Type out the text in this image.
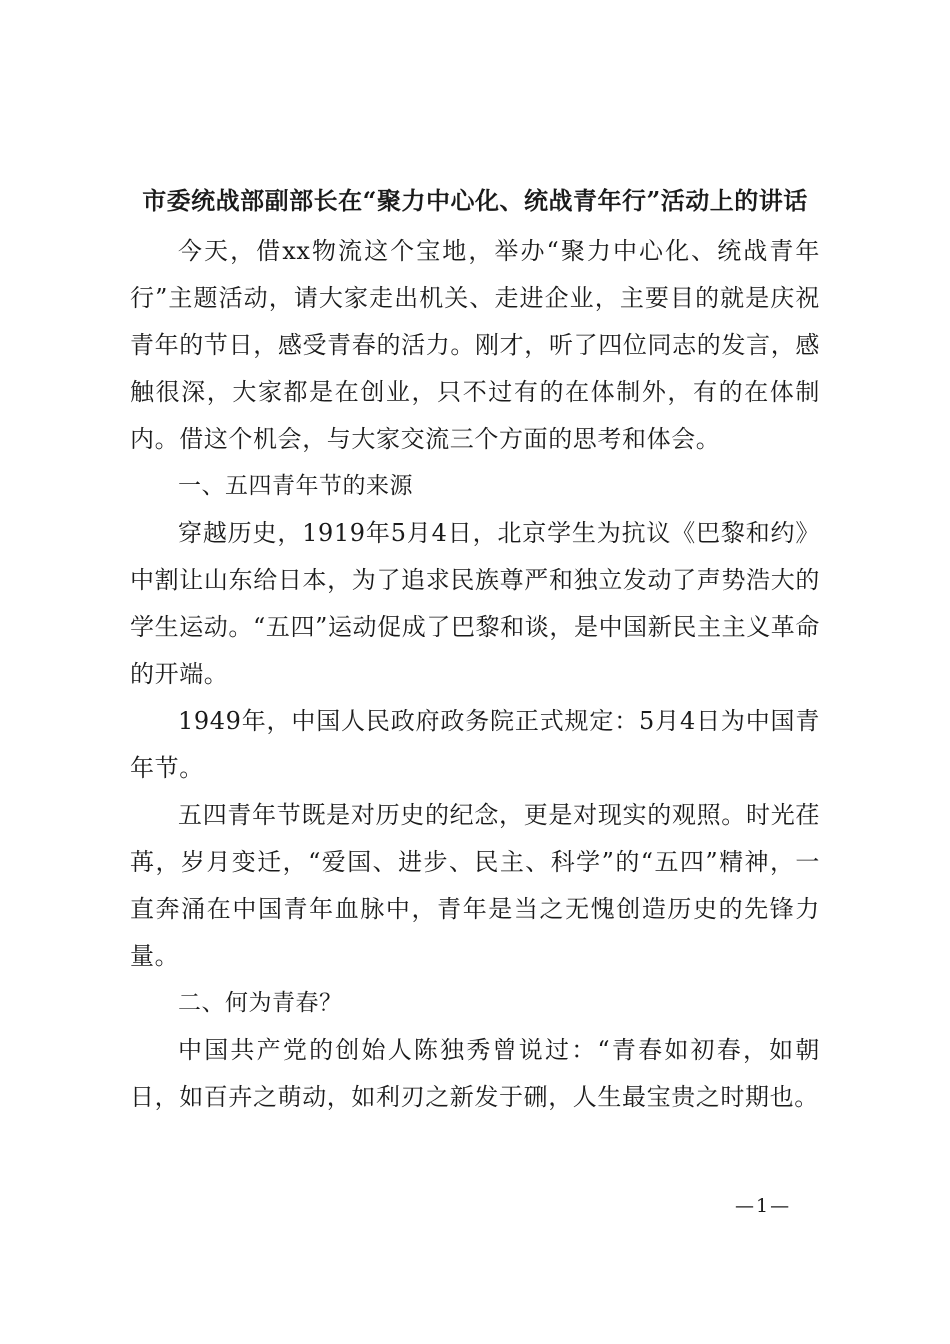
市委统战部副部长在“聚力中心化、统战青年行”活动上的讲话

今天，借xx物流这个宝地，举办“聚力中心化、统战青年行”主题活动，请大家走出机关、走进企业，主要目的就是庆祝青年的节日，感受青春的活力。刚才，听了四位同志的发言，感触很深，大家都是在创业，只不过有的在体制外，有的在体制内。借这个机会，与大家交流三个方面的思考和体会。

一、五四青年节的来源

穿越历史，1919年5月4日，北京学生为抗议《巴黎和约》中割让山东给日本，为了追求民族尊严和独立发动了声势浩大的学生运动。“五四”运动促成了巴黎和谈，是中国新民主主义革命的开端。

1949年，中国人民政府政务院正式规定：5月4日为中国青年节。

五四青年节既是对历史的纪念，更是对现实的观照。时光荏苒，岁月变迁，“爱国、进步、民主、科学”的“五四”精神，一直奔涌在中国青年血脉中，青年是当之无愧创造历史的先锋力量。

二、何为青春？

中国共产党的创始人陈独秀曾说过：“青春如初春，如朝日，如百卉之萌动，如利刃之新发于硎，人生最宝贵之时期也。

—1—
